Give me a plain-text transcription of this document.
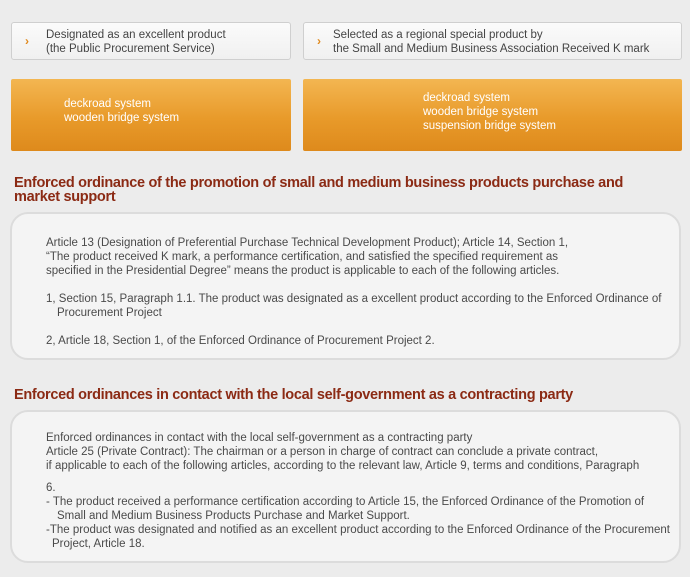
› Designated as an excellent product
(the Public Procurement Service)
› Selected as a regional special product by
the Small and Medium Business Association Received K mark
deckroad system
wooden bridge system
deckroad system
wooden bridge system
suspension bridge system
Enforced ordinance of the promotion of small and medium business products purchase and
market support

Article 13 (Designation of Preferential Purchase Technical Development Product); Article 14, Section 1,
“The product received K mark, a performance certification, and satisfied the specified requirement as
specified in the Presidential Degree” means the product is applicable to each of the following articles.

1, Section 15, Paragraph 1.1. The product was designated as a excellent product according to the Enforced Ordinance of
Procurement Project

2, Article 18, Section 1, of the Enforced Ordinance of Procurement Project 2.

Enforced ordinances in contact with the local self-government as a contracting party

Enforced ordinances in contact with the local self-government as a contracting party
Article 25 (Private Contract): The chairman or a person in charge of contract can conclude a private contract,
if applicable to each of the following articles, according to the relevant law, Article 9, terms and conditions, Paragraph

6.
- The product received a performance certification according to Article 15, the Enforced Ordinance of the Promotion of
Small and Medium Business Products Purchase and Market Support.
-The product was designated and notified as an excellent product according to the Enforced Ordinance of the Procurement
Project, Article 18.
